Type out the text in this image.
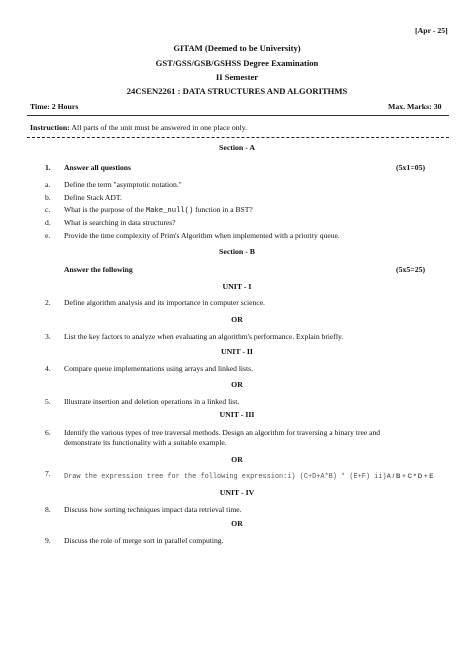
[Apr - 25]
GITAM (Deemed to be University)
GST/GSS/GSB/GSHSS Degree Examination
II Semester
24CSEN2261 : DATA STRUCTURES AND ALGORITHMS
Time: 2 Hours	Max. Marks: 30
Instruction: All parts of the unit must be answered in one place only.
Section - A
1. Answer all questions	(5x1=05)
a. Define the term "asymptotic notation."
b. Define Stack ADT.
c. What is the purpose of the Make_null() function in a BST?
d. What is searching in data structures?
e. Provide the time complexity of Prim's Algorithm when implemented with a priority queue.
Section - B
Answer the following	(5x5=25)
UNIT - I
2. Define algorithm analysis and its importance in computer science.
OR
3. List the key factors to analyze when evaluating an algorithm's performance. Explain briefly.
UNIT - II
4. Compare queue implementations using arrays and linked lists.
OR
5. Illustrate insertion and deletion operations in a linked list.
UNIT - III
6. Identify the various types of tree traversal methods. Design an algorithm for traversing a binary tree and
demonstrate its functionality with a suitable example.
OR
7. Draw the expression tree for the following expression:i) (C+D+A*B) * (E+F) ii)A / B + C * D + E
UNIT - IV
8. Discuss how sorting techniques impact data retrieval time.
OR
9. Discuss the role of merge sort in parallel computing.
